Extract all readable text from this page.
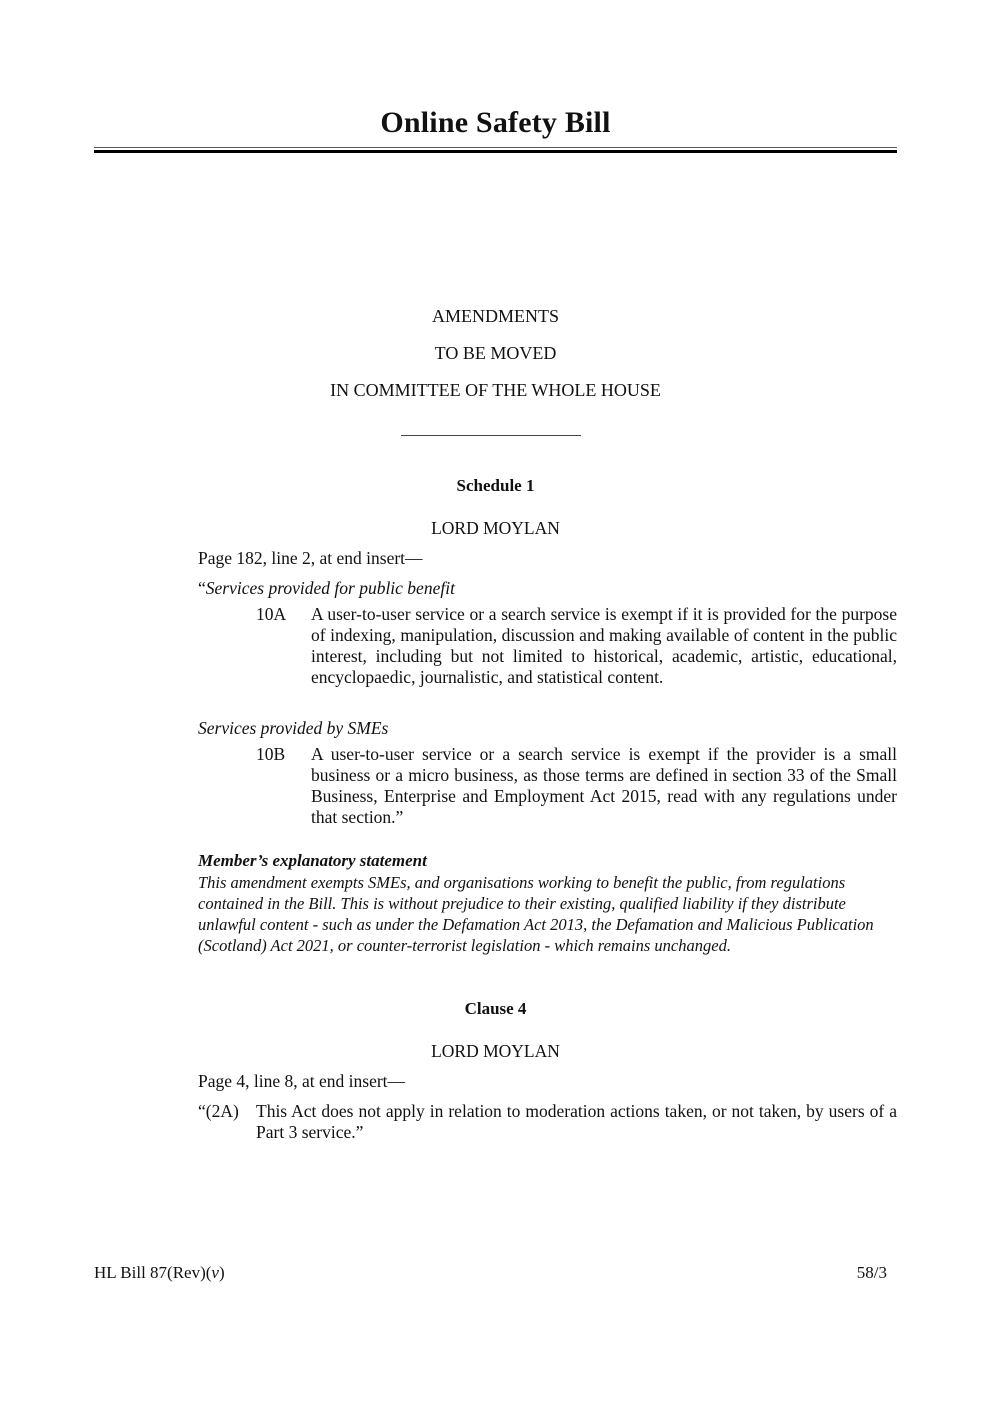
Online Safety Bill
AMENDMENTS
TO BE MOVED
IN COMMITTEE OF THE WHOLE HOUSE
Schedule 1
LORD MOYLAN
Page 182, line 2, at end insert—
“Services provided for public benefit
10A A user-to-user service or a search service is exempt if it is provided for the purpose of indexing, manipulation, discussion and making available of content in the public interest, including but not limited to historical, academic, artistic, educational, encyclopaedic, journalistic, and statistical content.
Services provided by SMEs
10B A user-to-user service or a search service is exempt if the provider is a small business or a micro business, as those terms are defined in section 33 of the Small Business, Enterprise and Employment Act 2015, read with any regulations under that section.”
Member’s explanatory statement
This amendment exempts SMEs, and organisations working to benefit the public, from regulations contained in the Bill. This is without prejudice to their existing, qualified liability if they distribute unlawful content - such as under the Defamation Act 2013, the Defamation and Malicious Publication (Scotland) Act 2021, or counter-terrorist legislation - which remains unchanged.
Clause 4
LORD MOYLAN
Page 4, line 8, at end insert—
“(2A) This Act does not apply in relation to moderation actions taken, or not taken, by users of a Part 3 service.”
HL Bill 87(Rev)(v)	58/3
